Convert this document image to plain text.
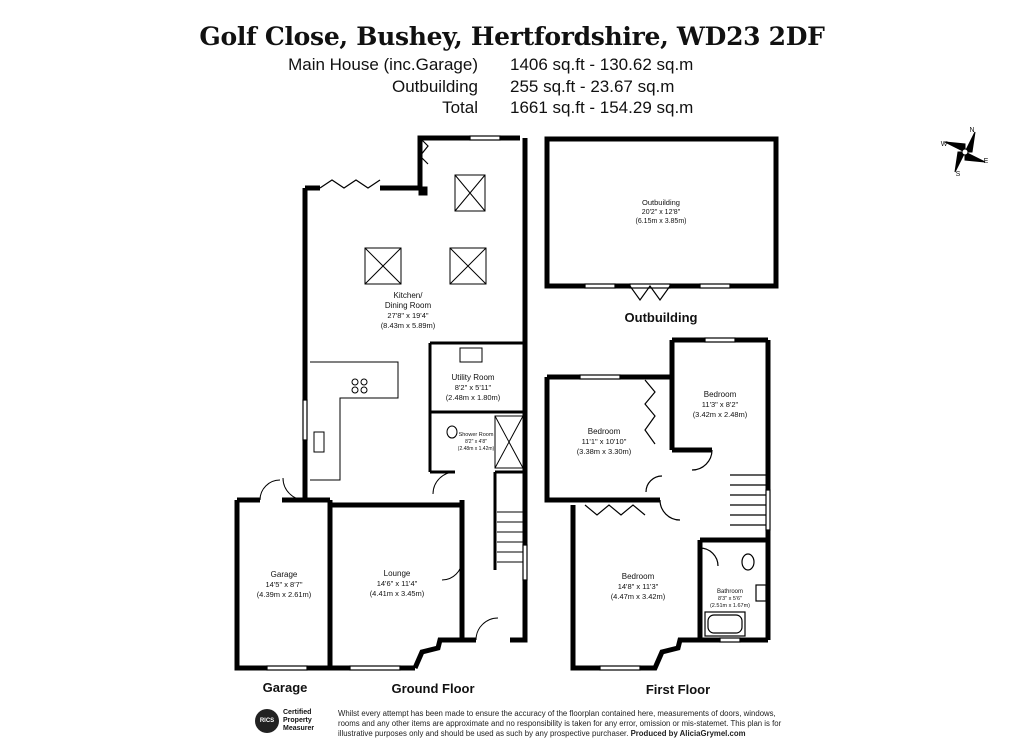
Golf Close, Bushey, Hertfordshire, WD23 2DF
Main House (inc.Garage) 1406 sq.ft - 130.62 sq.m
Outbuilding 255 sq.ft - 23.67 sq.m
Total 1661 sq.ft - 154.29 sq.m
N
E
S
W
Kitchen/
Dining Room
27'8" x 19'4"
(8.43m x 5.89m)
Utility Room
8'2" x 5'11"
(2.48m x 1.80m)
Shower Room
8'2" x 4'8"
(2.48m x 1.42m)
Garage
14'5" x 8'7"
(4.39m x 2.61m)
Lounge
14'6" x 11'4"
(4.41m x 3.45m)
Outbuilding
20'2" x 12'8"
(6.15m x 3.85m)
Bedroom
11'1" x 10'10"
(3.38m x 3.30m)
Bedroom
11'3" x 8'2"
(3.42m x 2.48m)
Bedroom
14'8" x 11'3"
(4.47m x 3.42m)	Bathroom
8'3" x 5'6"
(2.51m x 1.67m)
Garage	Ground Floor
Outbuilding
First Floor
RICS
Certified
Property
Measurer
Whilst every attempt has been made to ensure the accuracy of the floorplan contained here, measurements of doors, windows, rooms and any other items are approximate and no responsibility is taken for any error, omission or mis-statemet. This plan is for illustrative purposes only and should be used as such by any prospective purchaser. Produced by AliciaGrymel.com
